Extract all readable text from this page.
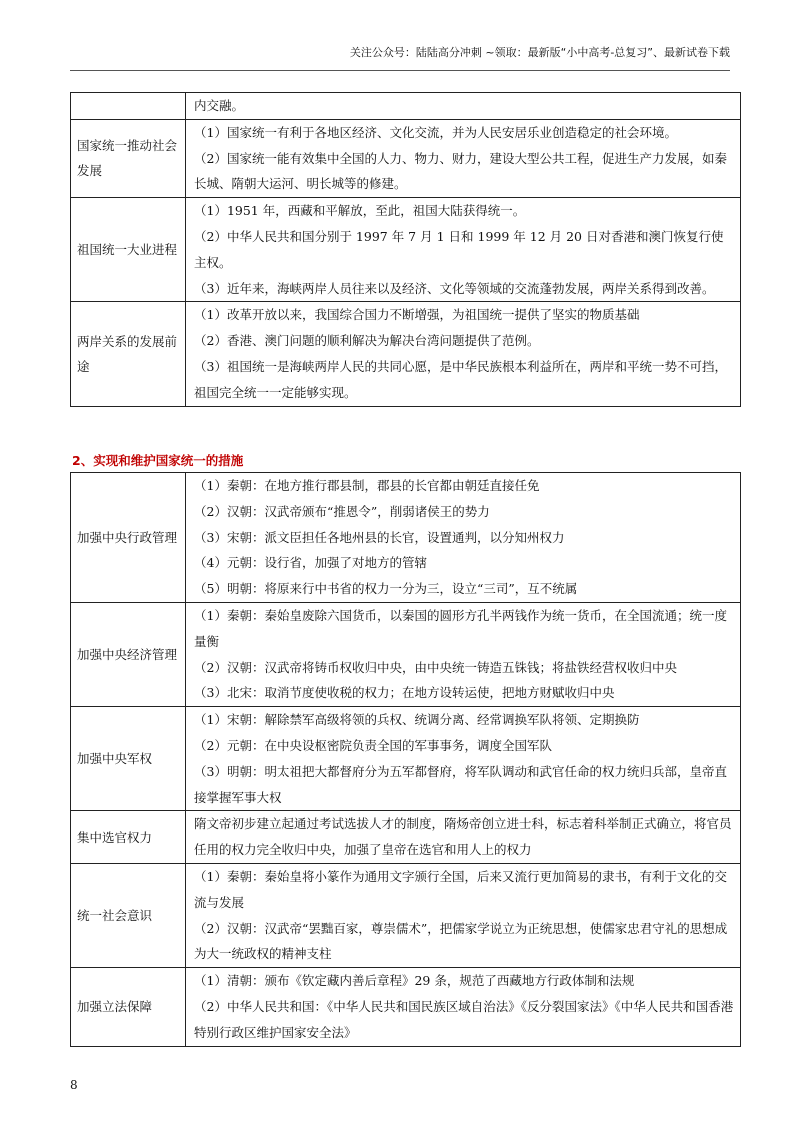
关注公众号：陆陆高分冲刺 ~领取：最新版“小中高考-总复习”、最新试卷下载

	内交融。

国家统一推动社会发展	（1）国家统一有利于各地区经济、文化交流，并为人民安居乐业创造稳定的社会环境。
（2）国家统一能有效集中全国的人力、物力、财力，建设大型公共工程，促进生产力发展，如秦长城、隋朝大运河、明长城等的修建。

祖国统一大业进程	（1）1951 年，西藏和平解放，至此，祖国大陆获得统一。
（2）中华人民共和国分别于 1997 年 7 月 1 日和 1999 年 12 月 20 日对香港和澳门恢复行使主权。
（3）近年来，海峡两岸人员往来以及经济、文化等领域的交流蓬勃发展，两岸关系得到改善。

两岸关系的发展前途	（1）改革开放以来，我国综合国力不断增强，为祖国统一提供了坚实的物质基础
（2）香港、澳门问题的顺利解决为解决台湾问题提供了范例。
（3）祖国统一是海峡两岸人民的共同心愿，是中华民族根本利益所在，两岸和平统一势不可挡，祖国完全统一一定能够实现。
2、实现和维护国家统一的措施
加强中央行政管理	（1）秦朝：在地方推行郡县制，郡县的长官都由朝廷直接任免
（2）汉朝：汉武帝颁布“推恩令”，削弱诸侯王的势力
（3）宋朝：派文臣担任各地州县的长官，设置通判，以分知州权力
（4）元朝：设行省，加强了对地方的管辖
（5）明朝：将原来行中书省的权力一分为三，设立“三司”，互不统属

加强中央经济管理	（1）秦朝：秦始皇废除六国货币，以秦国的圆形方孔半两钱作为统一货币，在全国流通；统一度量衡
（2）汉朝：汉武帝将铸币权收归中央，由中央统一铸造五铢钱；将盐铁经营权收归中央
（3）北宋：取消节度使收税的权力；在地方设转运使，把地方财赋收归中央

加强中央军权	（1）宋朝：解除禁军高级将领的兵权、统调分离、经常调换军队将领、定期换防
（2）元朝：在中央设枢密院负责全国的军事事务，调度全国军队
（3）明朝：明太祖把大都督府分为五军都督府，将军队调动和武官任命的权力统归兵部，皇帝直接掌握军事大权

集中选官权力	隋文帝初步建立起通过考试选拔人才的制度，隋炀帝创立进士科，标志着科举制正式确立，将官员任用的权力完全收归中央，加强了皇帝在选官和用人上的权力

统一社会意识	（1）秦朝：秦始皇将小篆作为通用文字颁行全国，后来又流行更加简易的隶书，有利于文化的交流与发展
（2）汉朝：汉武帝“罢黜百家，尊崇儒术”，把儒家学说立为正统思想，使儒家忠君守礼的思想成为大一统政权的精神支柱

加强立法保障	（1）清朝：颁布《钦定藏内善后章程》29 条，规范了西藏地方行政体制和法规
（2）中华人民共和国：《中华人民共和国民族区域自治法》《反分裂国家法》《中华人民共和国香港特别行政区维护国家安全法》
8
